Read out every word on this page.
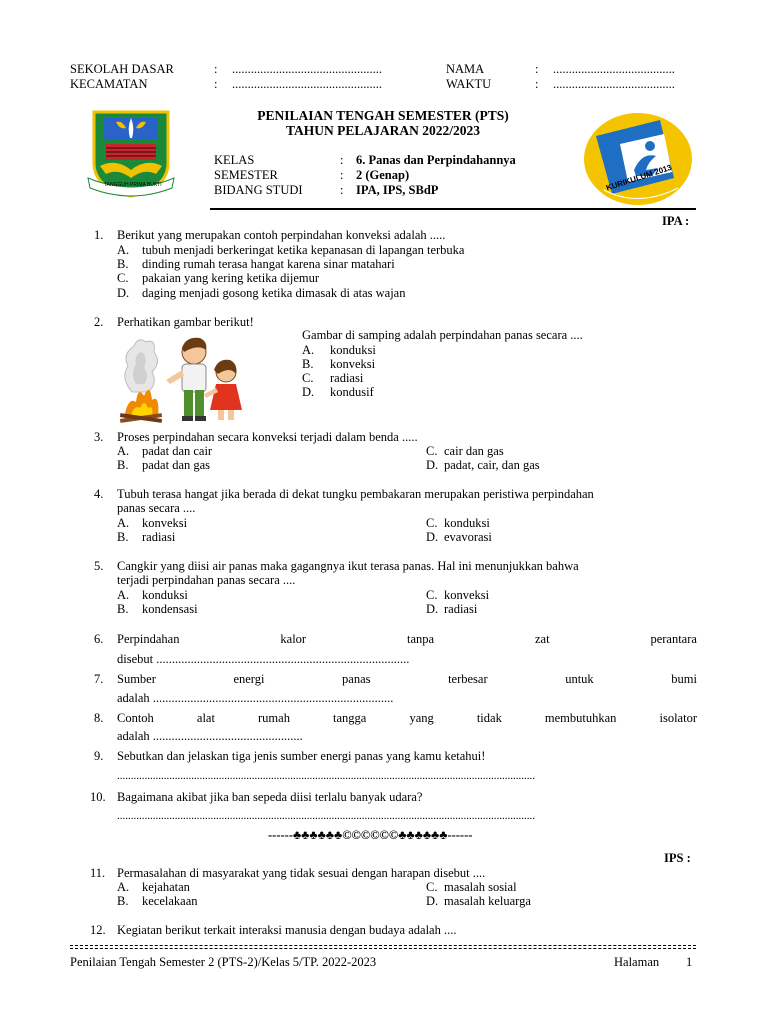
SEKOLAH DASAR	: ................................................
KECAMATAN	: ................................................
NAMA	: .......................................
WAKTU	: .......................................
TANGGUH PRIMA BUKTI	KURIKULUM 2013
PENILAIAN TENGAH SEMESTER (PTS)
TAHUN PELAJARAN 2022/2023
KELAS	: 6. Panas dan Perpindahannya
SEMESTER	: 2 (Genap)
BIDANG STUDI	: IPA, IPS, SBdP
IPA :
1. Berikut yang merupakan contoh perpindahan konveksi adalah .....
A. tubuh menjadi berkeringat ketika kepanasan di lapangan terbuka
B. dinding rumah terasa hangat karena sinar matahari
C. pakaian yang kering ketika dijemur
D. daging menjadi gosong ketika dimasak di atas wajan
2. Perhatikan gambar berikut!
Gambar di samping adalah perpindahan panas secara ....
A. konduksi
B. konveksi
C. radiasi
D. kondusif
3. Proses perpindahan secara konveksi terjadi dalam benda .....
A. padat dan cair
B. padat dan gas
C. cair dan gas
D. padat, cair, dan gas
4. Tubuh terasa hangat jika berada di dekat tungku pembakaran merupakan peristiwa perpindahan
panas secara ....
A. konveksi
B. radiasi
C. konduksi
D. evavorasi
5. Cangkir yang diisi air panas maka gagangnya ikut terasa panas. Hal ini menunjukkan bahwa
terjadi perpindahan panas secara ....
A. konduksi
B. kondensasi
C. konveksi
D. radiasi
6. Perpindahan	kalor	tanpa	zat	perantara
disebut .................................................................................
7. Sumber	energi	panas	terbesar	untuk	bumi
adalah .............................................................................
8. Contoh	alat	rumah	tangga	yang	tidak	membutuhkan	isolator
adalah ................................................
9. Sebutkan dan jelaskan tiga jenis sumber energi panas yang kamu ketahui!
........................................................................................................................................................
10. Bagaimana akibat jika ban sepeda diisi terlalu banyak udara?
........................................................................................................................................................
------♣♣♣♣♣♣©©©©©©♣♣♣♣♣♣------
IPS :
11. Permasalahan di masyarakat yang tidak sesuai dengan harapan disebut ....
A. kejahatan
B. kecelakaan
C. masalah sosial
D. masalah keluarga
12. Kegiatan berikut terkait interaksi manusia dengan budaya adalah ....
Penilaian Tengah Semester 2 (PTS-2)/Kelas 5/TP. 2022-2023	Halaman 1
